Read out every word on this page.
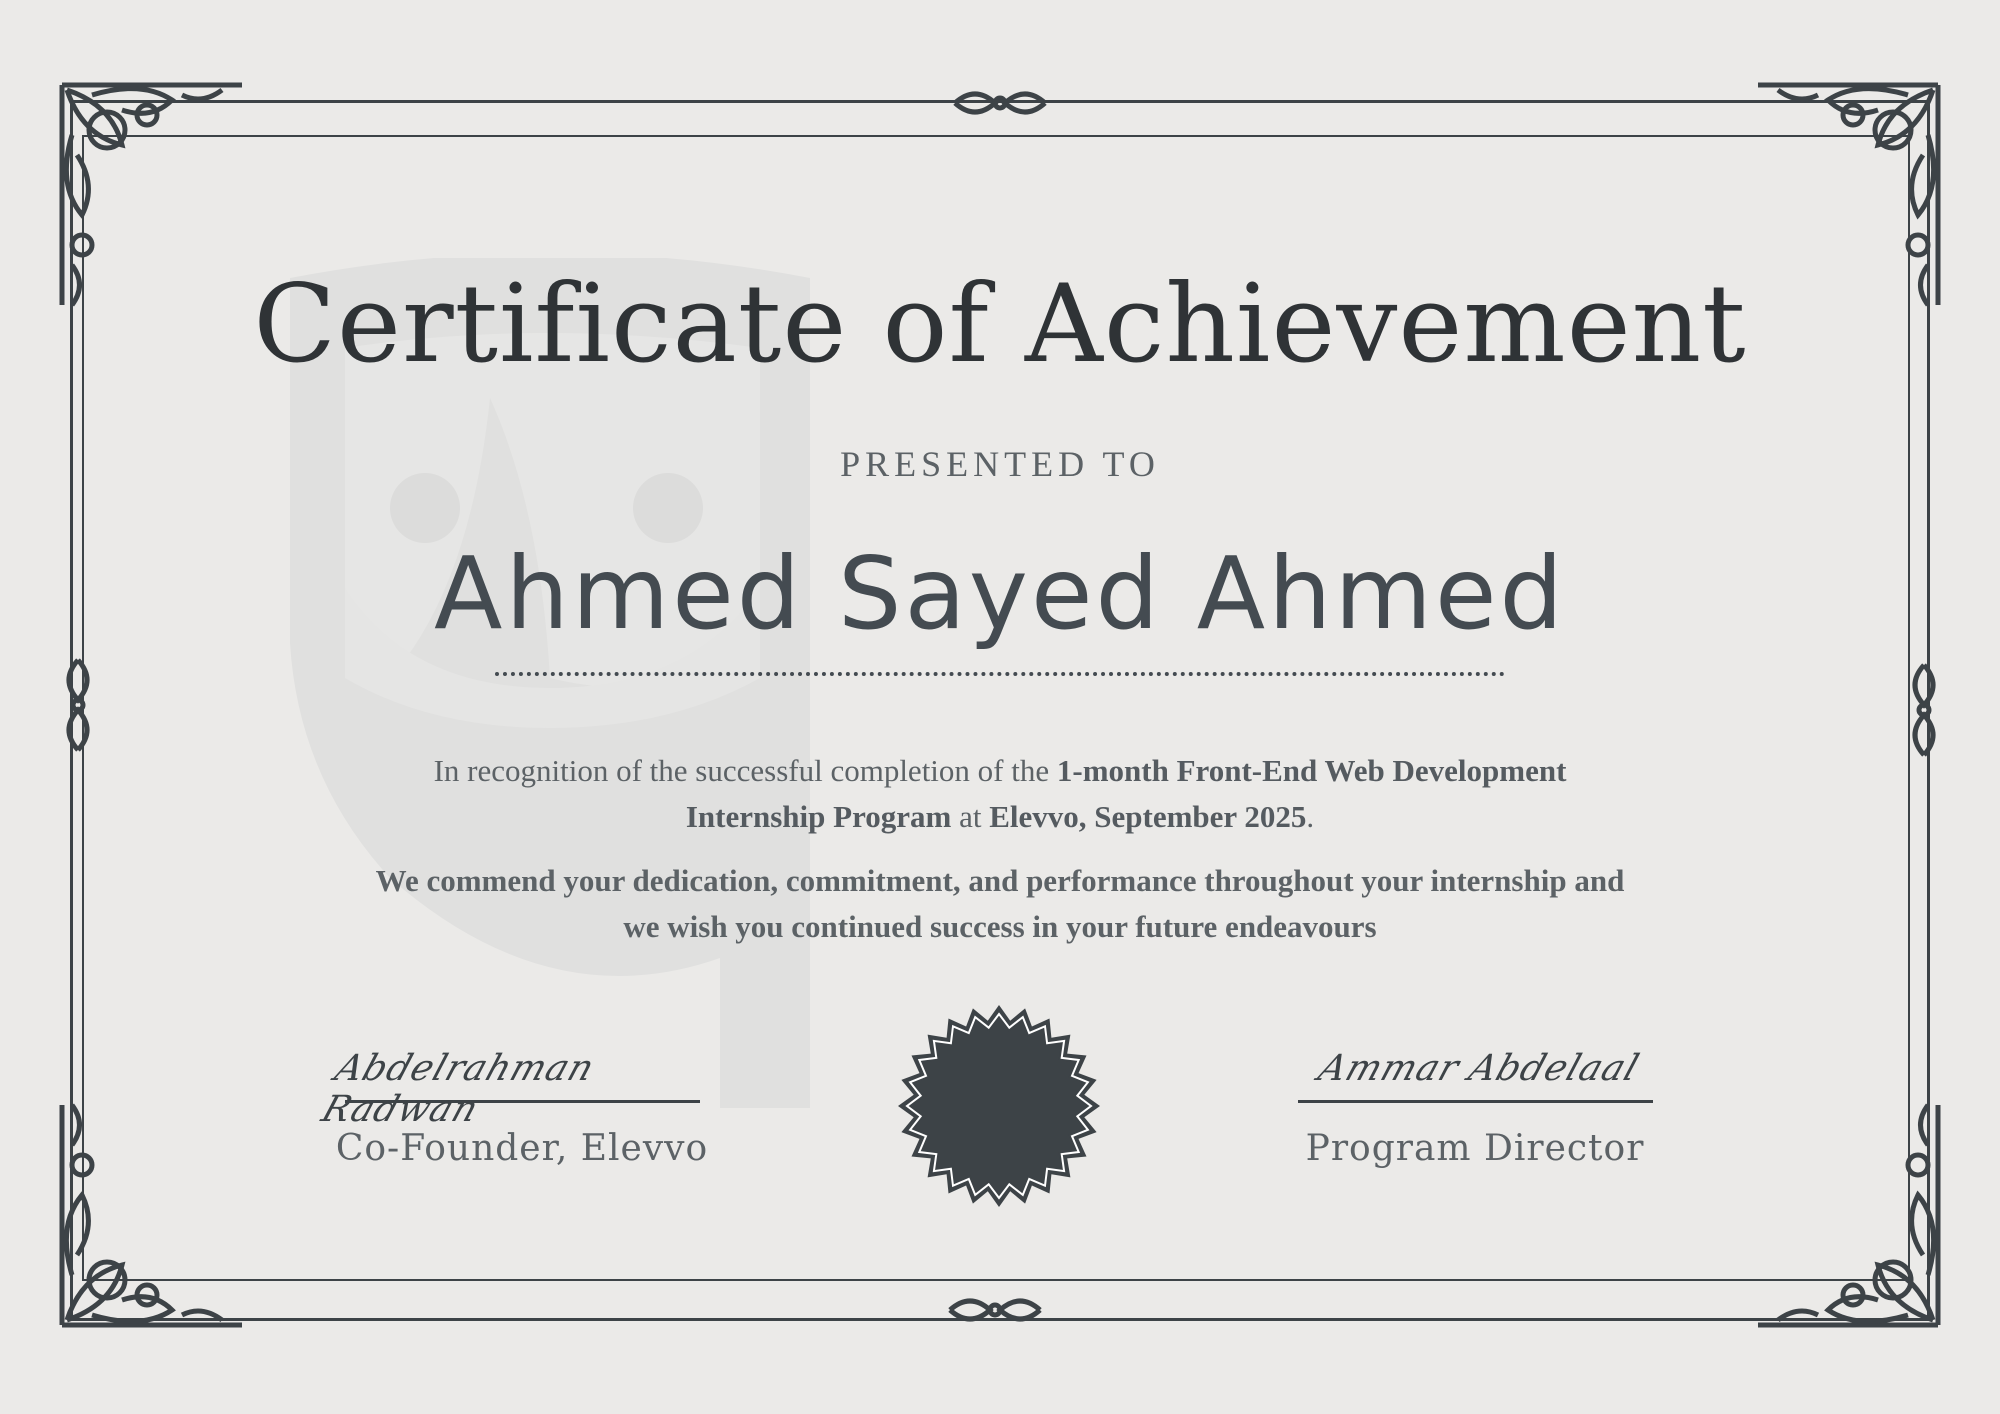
Certificate of Achievement
PRESENTED TO
Ahmed Sayed Ahmed
In recognition of the successful completion of the 1-month Front-End Web Development Internship Program at Elevvo, September 2025.
We commend your dedication, commitment, and performance throughout your internship and
we wish you continued success in your future endeavours
Abdelrahman Radwan
Co-Founder, Elevvo
Ammar Abdelaal
Program Director
